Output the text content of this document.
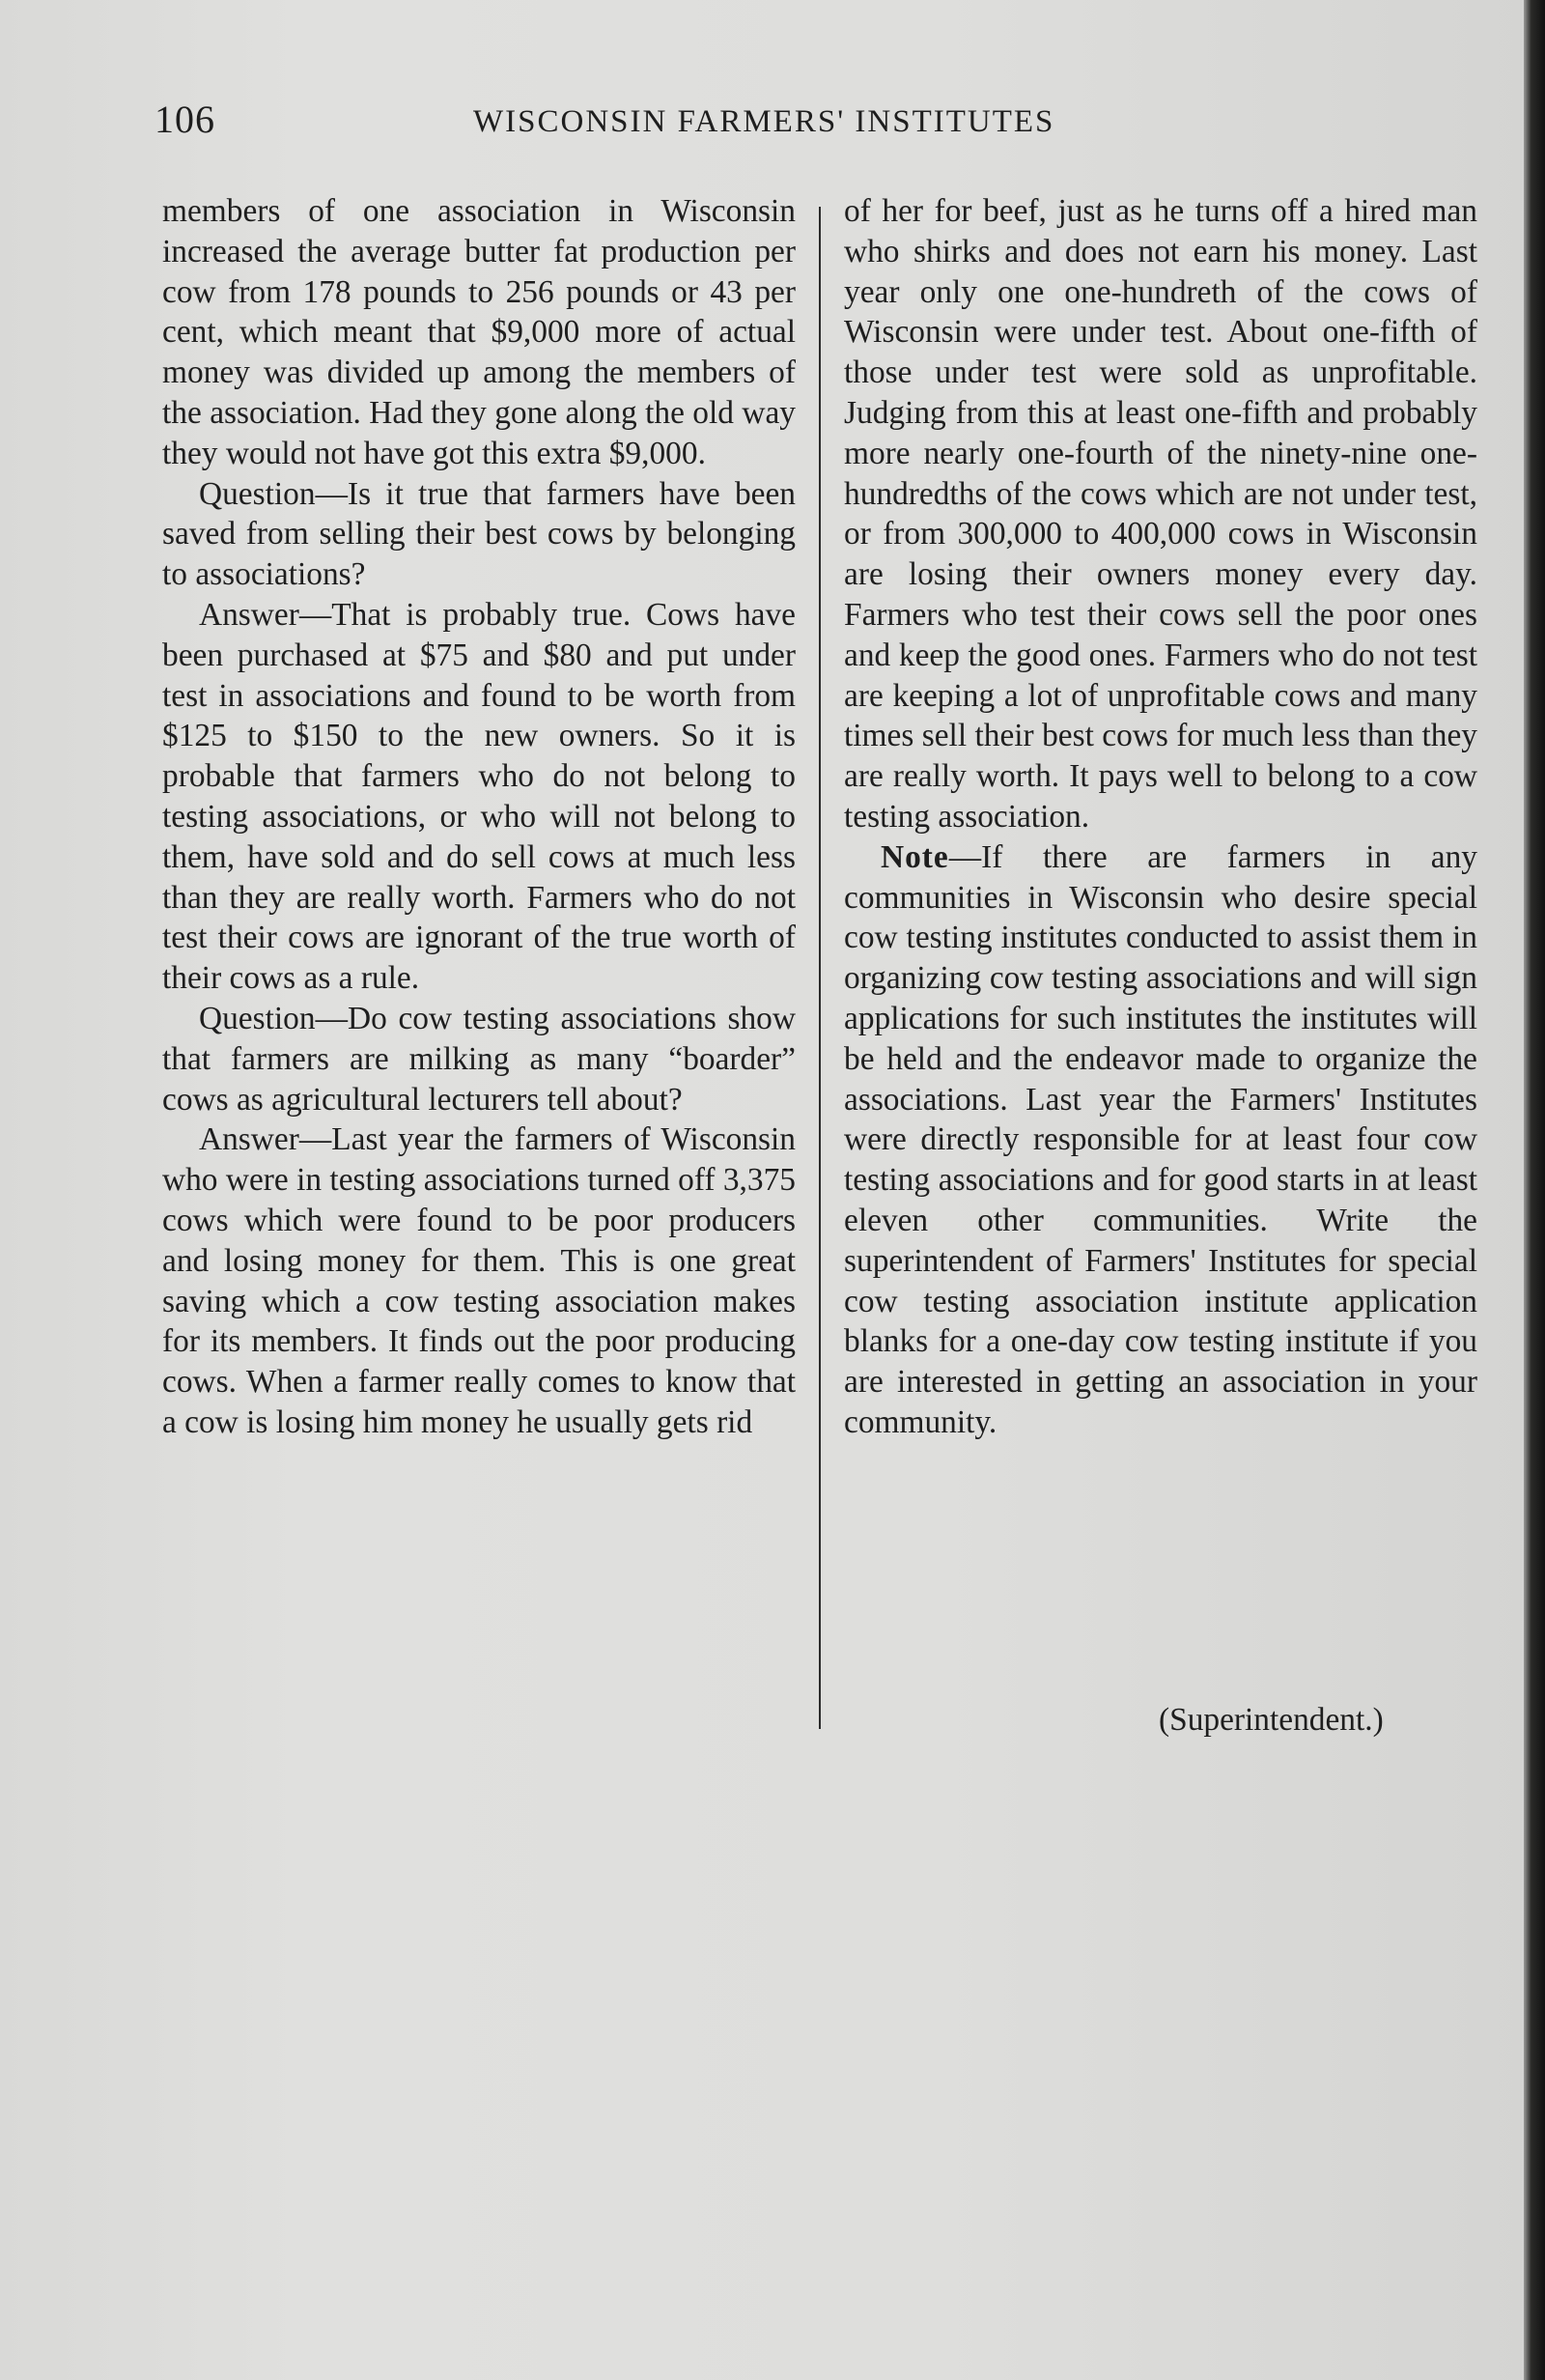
106	WISCONSIN FARMERS' INSTITUTES

members of one association in Wisconsin increased the average butter fat production per cow from 178 pounds to 256 pounds or 43 per cent, which meant that $9,000 more of actual money was divided up among the members of the association. Had they gone along the old way they would not have got this extra $9,000.

Question—Is it true that farmers have been saved from selling their best cows by belonging to associations?

Answer—That is probably true. Cows have been purchased at $75 and $80 and put under test in associations and found to be worth from $125 to $150 to the new owners. So it is probable that farmers who do not belong to testing associations, or who will not belong to them, have sold and do sell cows at much less than they are really worth. Farmers who do not test their cows are ignorant of the true worth of their cows as a rule.

Question—Do cow testing associations show that farmers are milking as many “boarder” cows as agricultural lecturers tell about?

Answer—Last year the farmers of Wisconsin who were in testing associations turned off 3,375 cows which were found to be poor producers and losing money for them. This is one great saving which a cow testing association makes for its members. It finds out the poor producing cows. When a farmer really comes to know that a cow is losing him money he usually gets rid

of her for beef, just as he turns off a hired man who shirks and does not earn his money. Last year only one one-hundreth of the cows of Wisconsin were under test. About one-fifth of those under test were sold as unprofitable. Judging from this at least one-fifth and probably more nearly one-fourth of the ninety-nine one-hundredths of the cows which are not under test, or from 300,000 to 400,000 cows in Wisconsin are losing their owners money every day. Farmers who test their cows sell the poor ones and keep the good ones. Farmers who do not test are keeping a lot of unprofitable cows and many times sell their best cows for much less than they are really worth. It pays well to belong to a cow testing association.

Note—If there are farmers in any communities in Wisconsin who desire special cow testing institutes conducted to assist them in organizing cow testing associations and will sign applications for such institutes the institutes will be held and the endeavor made to organize the associations. Last year the Farmers' Institutes were directly responsible for at least four cow testing associations and for good starts in at least eleven other communities. Write the superintendent of Farmers' Institutes for special cow testing association institute application blanks for a one-day cow testing institute if you are interested in getting an association in your community.

(Superintendent.)
